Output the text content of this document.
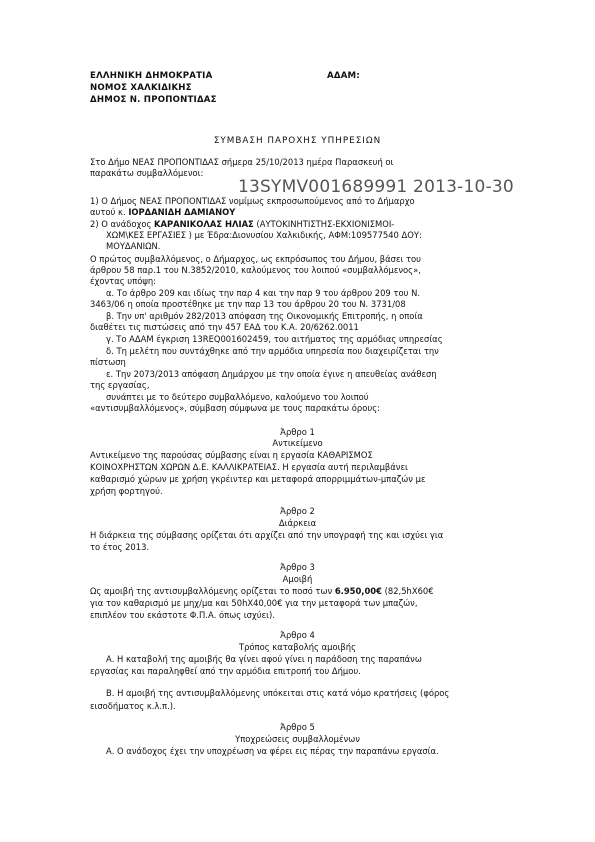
ΕΛΛΗΝΙΚΗ ΔΗΜΟΚΡΑΤΙΑ	ΑΔΑΜ:
ΝΟΜΟΣ ΧΑΛΚΙΔΙΚΗΣ
ΔΗΜΟΣ Ν. ΠΡΟΠΟΝΤΙΔΑΣ
ΣΥΜΒΑΣΗ ΠΑΡΟΧΗΣ ΥΠΗΡΕΣΙΩΝ
Στο Δήμο ΝΕΑΣ ΠΡΟΠΟΝΤΙΔΑΣ σήμερα 25/10/2013 ημέρα Παρασκευή οι
παρακάτω συμβαλλόμενοι:
13SYMV001689991 2013-10-30
1) Ο Δήμος ΝΕΑΣ ΠΡΟΠΟΝΤΙΔΑΣ νομίμως εκπροσωπούμενος από το Δήμαρχο
αυτού κ. ΙΟΡΔΑΝΙΔΗ ΔΑΜΙΑΝΟΥ
2) Ο ανάδοχος ΚΑΡΑΝΙΚΟΛΑΣ ΗΛΙΑΣ (ΑΥΤΟΚΙΝΗΤΙΣΤΗΣ-ΕΚΧΙΟΝΙΣΜΟΙ-
ΧΩΜ\ΚΕΣ ΕΡΓΑΣΙΕΣ ) με Έδρα:Διονυσίου Χαλκιδικής, ΑΦΜ:109577540 ΔΟΥ:
ΜΟΥΔΑΝΙΩΝ.
Ο πρώτος συμβαλλόμενος, ο Δήμαρχος, ως εκπρόσωπος του Δήμου, βάσει του
άρθρου 58 παρ.1 του Ν.3852/2010, καλούμενος του λοιπού «συμβαλλόμενος»,
έχοντας υπόψη:
α. Το άρθρο 209 και ιδίως την παρ 4 και την παρ 9 του άρθρου 209 του Ν.
3463/06 η οποία προστέθηκε με την παρ 13 του άρθρου 20 του Ν. 3731/08
β. Την υπ' αριθμόν 282/2013 απόφαση της Οικονομικής Επιτροπής, η οποία
διαθέτει τις πιστώσεις από την 457 ΕΑΔ του Κ.Α. 20/6262.0011
γ. Το ΑΔΑΜ έγκριση 13REQ001602459, του αιτήματος της αρμόδιας υπηρεσίας
δ. Τη μελέτη που συντάχθηκε από την αρμόδια υπηρεσία που διαχειρίζεται την
πίστωση
ε. Την 2073/2013 απόφαση Δημάρχου με την οποία έγινε η απευθείας ανάθεση
της εργασίας,
συνάπτει με το δεύτερο συμβαλλόμενο, καλούμενο του λοιπού
«αντισυμβαλλόμενος», σύμβαση σύμφωνα με τους παρακάτω όρους:
Άρθρο 1
Αντικείμενο
Αντικείμενο της παρούσας σύμβασης είναι η εργασία ΚΑΘΑΡΙΣΜΟΣ
ΚΟΙΝΟΧΡΗΣΤΩΝ ΧΩΡΩΝ Δ.Ε. ΚΑΛΛΙΚΡΑΤΕΙΑΣ. Η εργασία αυτή περιλαμβάνει
καθαρισμό χώρων με χρήση γκρέιντερ και μεταφορά απορριμμάτων-μπαζών με
χρήση φορτηγού.
Άρθρο 2
Διάρκεια
Η διάρκεια της σύμβασης ορίζεται ότι αρχίζει από την υπογραφή της και ισχύει για
το έτος 2013.
Άρθρο 3
Αμοιβή
Ως αμοιβή της αντισυμβαλλόμενης ορίζεται το ποσό των 6.950,00€ (82,5hX60€
για τον καθαρισμό με μηχ/μα και 50hX40,00€ για την μεταφορά των μπαζών,
επιπλέον του εκάστοτε Φ.Π.Α. όπως ισχύει).
Άρθρο 4
Τρόπος καταβολής αμοιβής
Α. Η καταβολή της αμοιβής θα γίνει αφού γίνει η παράδοση της παραπάνω
εργασίας και παραληφθεί από την αρμόδια επιτροπή του Δήμου.
Β. Η αμοιβή της αντισυμβαλλόμενης υπόκειται στις κατά νόμο κρατήσεις (φόρος
εισοδήματος κ.λ.π.).
Άρθρο 5
Υποχρεώσεις συμβαλλομένων
Α. Ο ανάδοχος έχει την υποχρέωση να φέρει εις πέρας την παραπάνω εργασία.
